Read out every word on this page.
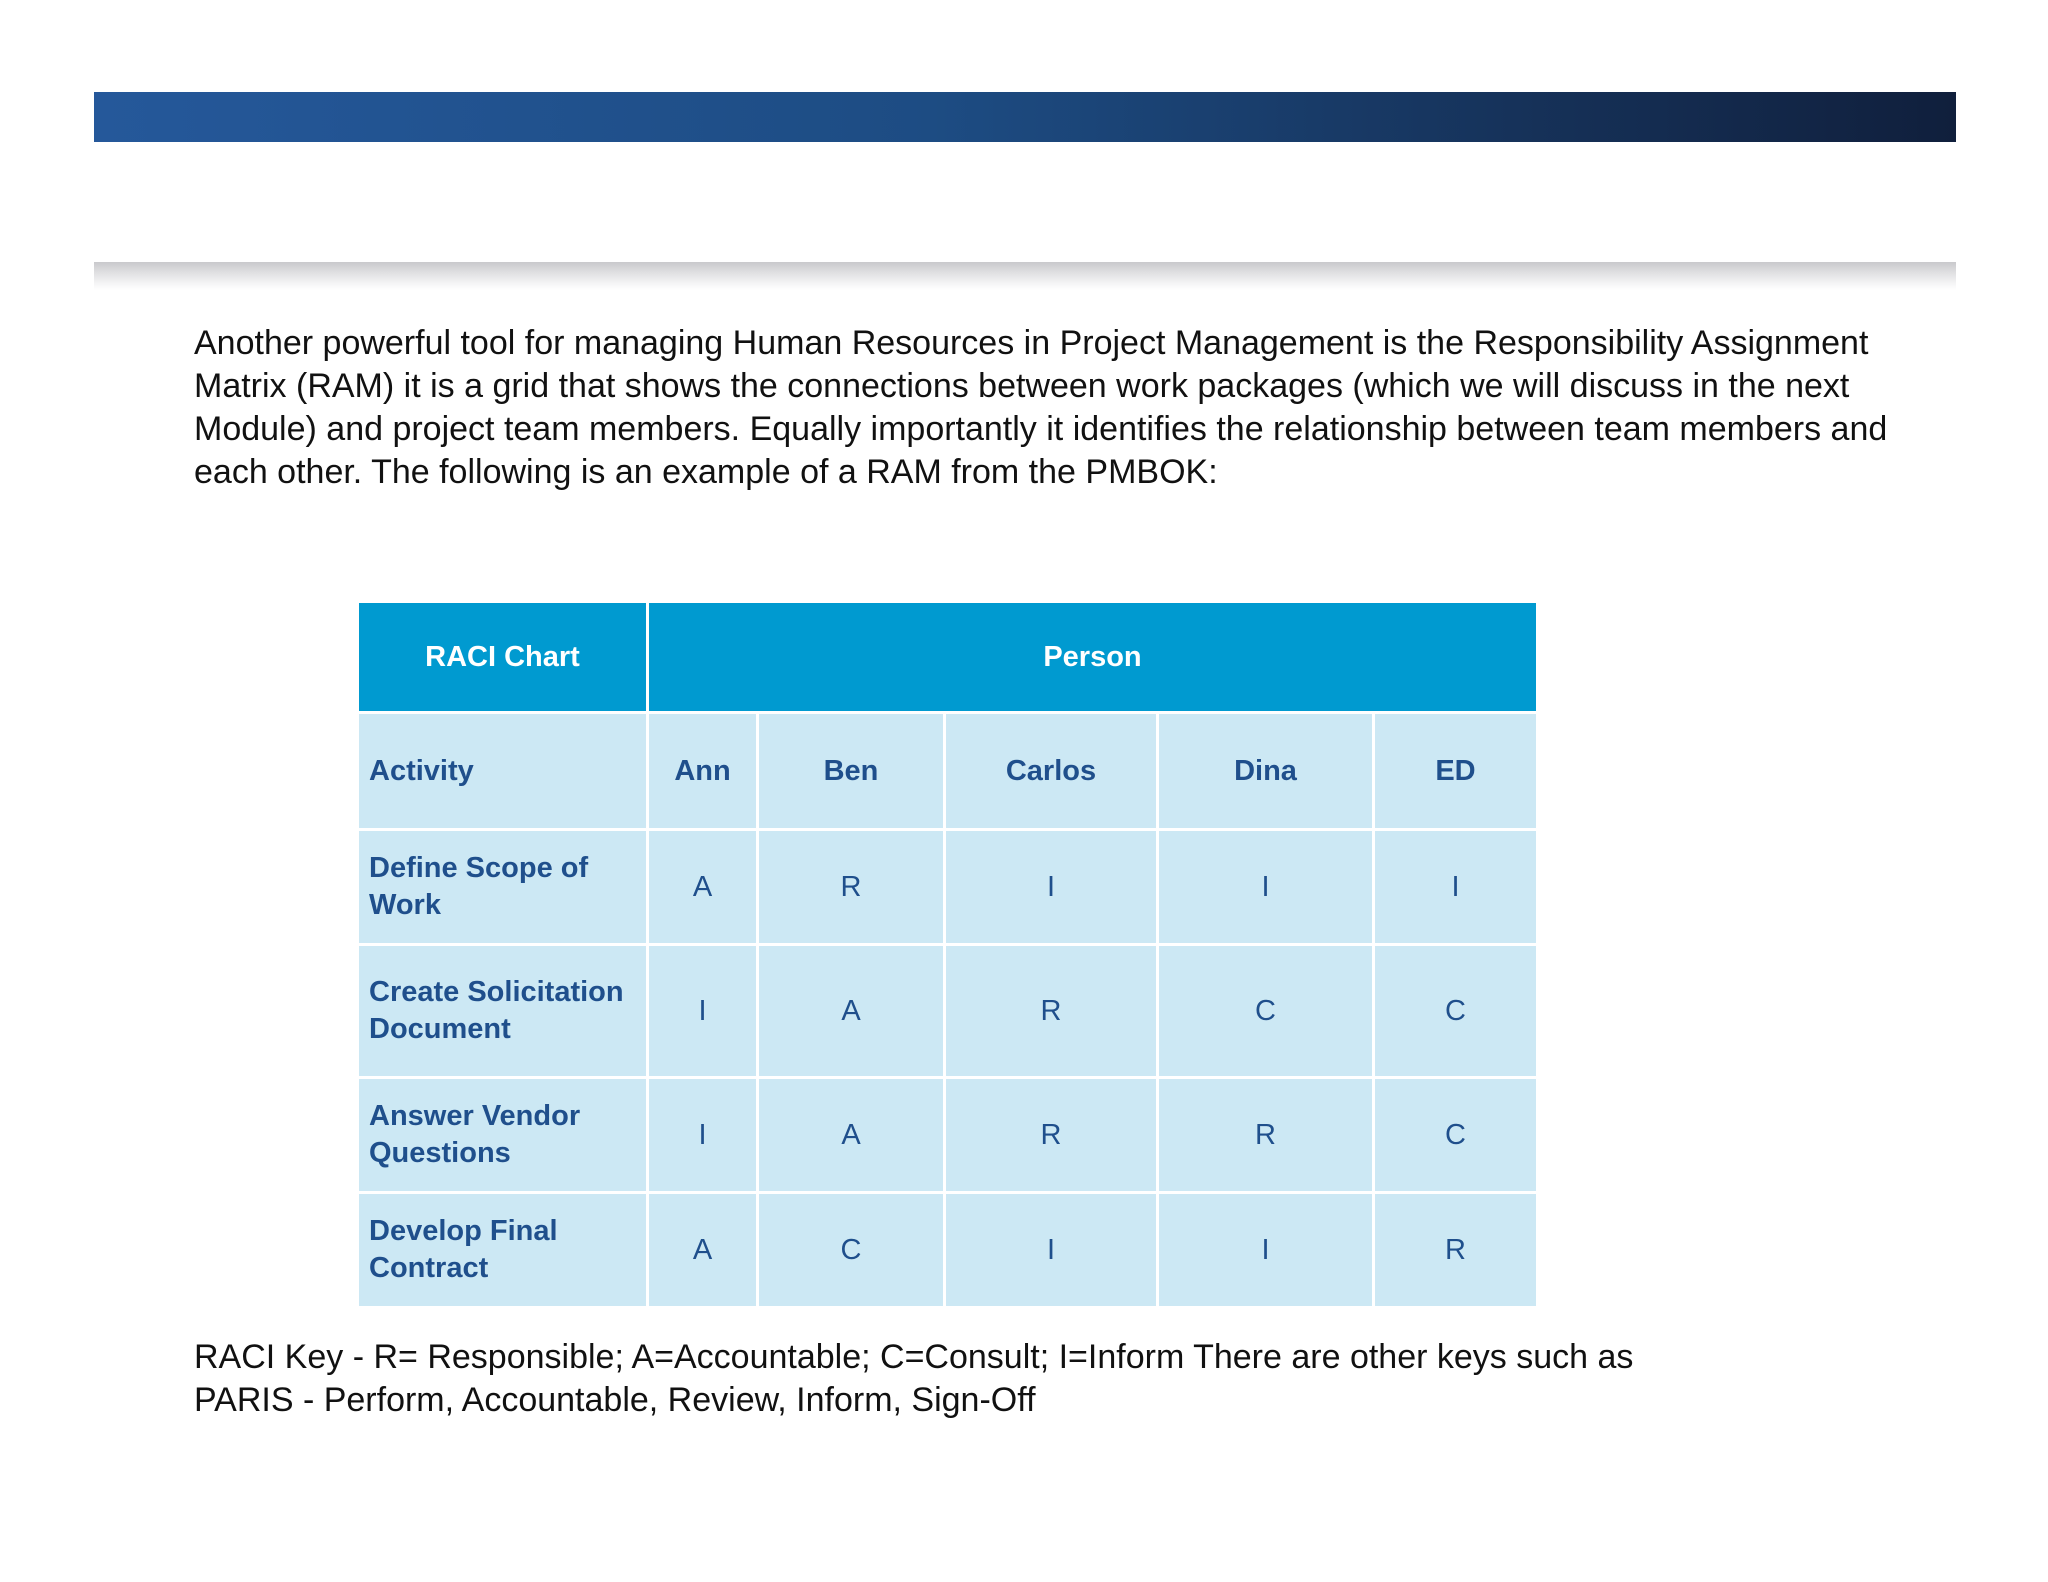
Another powerful tool for managing Human Resources in Project Management is the Responsibility Assignment Matrix (RAM) it is a grid that shows the connections between work packages (which we will discuss in the next Module) and project team members. Equally importantly it identifies the relationship between team members and each other. The following is an example of a RAM from the PMBOK:

RACI Chart	Person				
Activity	Ann	Ben	Carlos	Dina	ED
Define Scope of Work	A	R	I	I	I
Create Solicitation Document	I	A	R	C	C
Answer Vendor Questions	I	A	R	R	C
Develop Final Contract	A	C	I	I	R

RACI Key - R= Responsible; A=Accountable; C=Consult; I=Inform There are other keys such as
PARIS - Perform, Accountable, Review, Inform, Sign-Off
